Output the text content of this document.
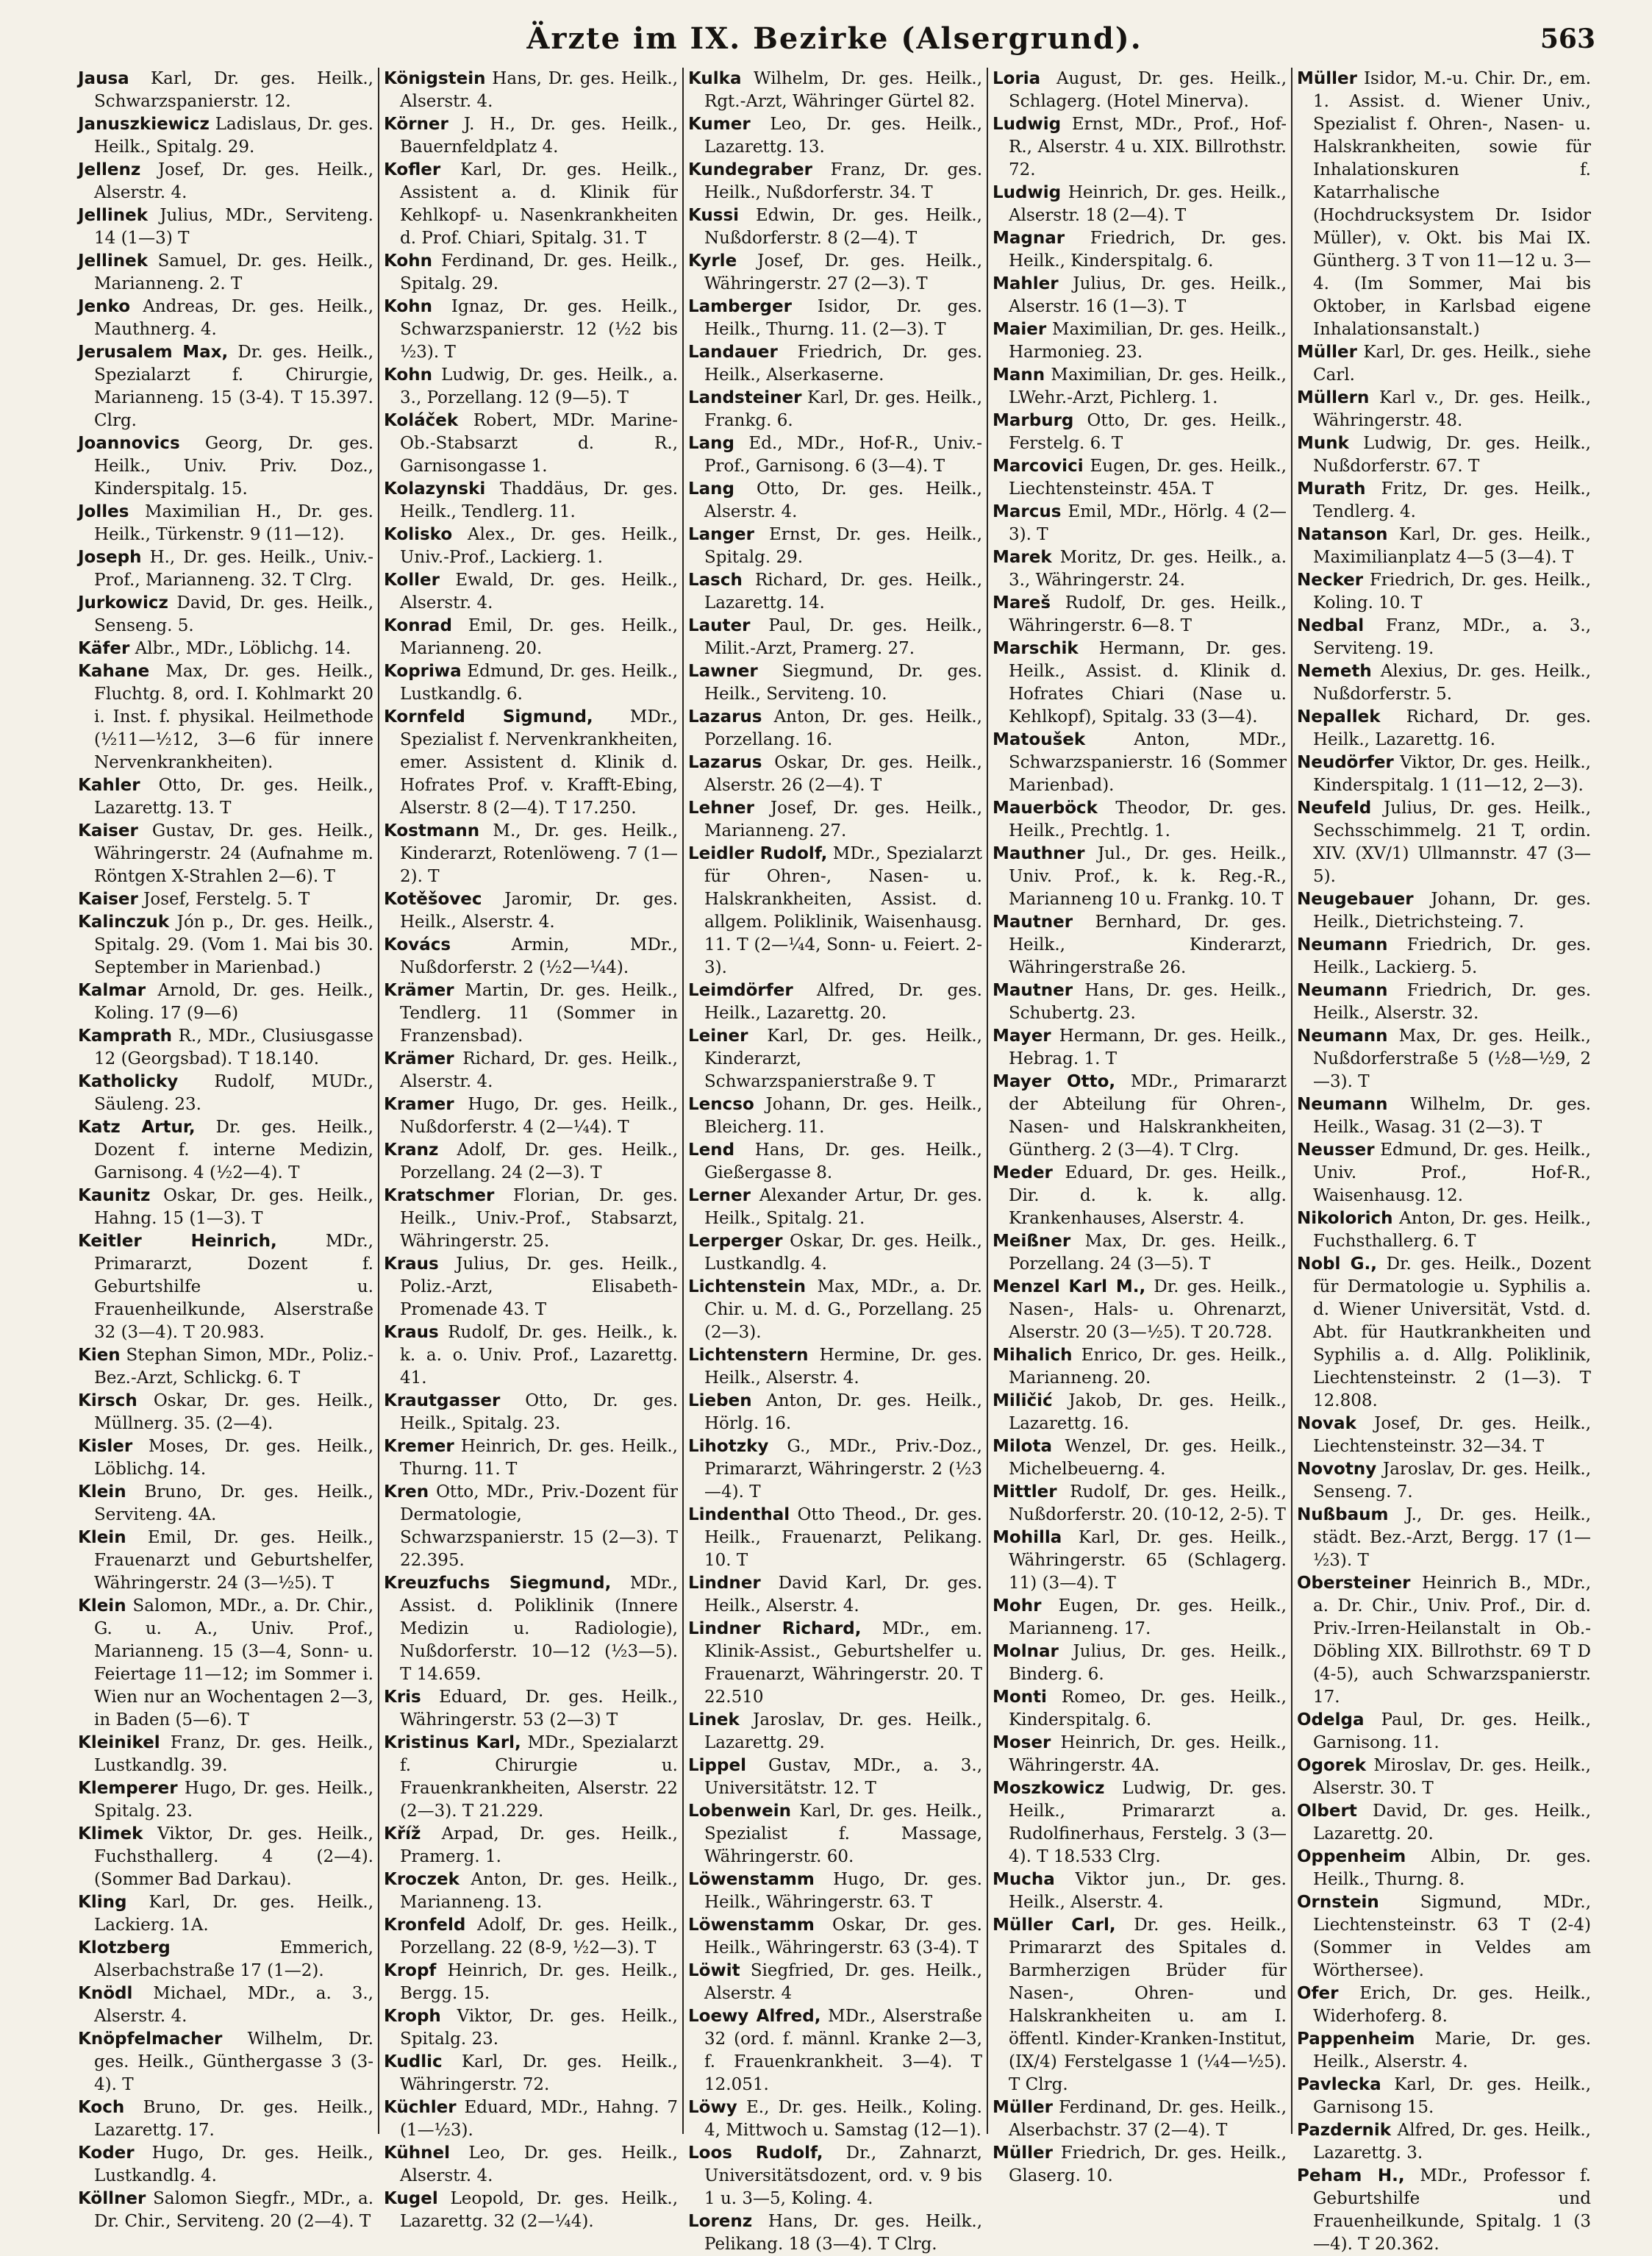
Ärzte im IX. Bezirke (Alsergrund).	563
Jausa Karl, Dr. ges. Heilk., Schwarzspanierstr. 12.
Januszkiewicz Ladislaus, Dr. ges. Heilk., Spitalg. 29.
Jellenz Josef, Dr. ges. Heilk., Alserstr. 4.
Jellinek Julius, MDr., Serviteng. 14 (1—3) T
Jellinek Samuel, Dr. ges. Heilk., Marianneng. 2. T
Jenko Andreas, Dr. ges. Heilk., Mauthnerg. 4.
Jerusalem Max, Dr. ges. Heilk., Spezialarzt f. Chirurgie, Marianneng. 15 (3-4). T 15.397. Clrg.
Joannovics Georg, Dr. ges. Heilk., Univ. Priv. Doz., Kinderspitalg. 15.
Jolles Maximilian H., Dr. ges. Heilk., Türkenstr. 9 (11—12).
Joseph H., Dr. ges. Heilk., Univ.-Prof., Marianneng. 32. T Clrg.
Jurkowicz David, Dr. ges. Heilk., Senseng. 5.
Käfer Albr., MDr., Löblichg. 14.
Kahane Max, Dr. ges. Heilk., Fluchtg. 8, ord. I. Kohlmarkt 20 i. Inst. f. physikal. Heilmethode (½11—½12, 3—6 für innere Nervenkrankheiten).
Kahler Otto, Dr. ges. Heilk., Lazarettg. 13. T
Kaiser Gustav, Dr. ges. Heilk., Währingerstr. 24 (Aufnahme m. Röntgen X-Strahlen 2—6). T
Kaiser Josef, Ferstelg. 5. T
Kalinczuk Jón p., Dr. ges. Heilk., Spitalg. 29. (Vom 1. Mai bis 30. September in Marienbad.)
Kalmar Arnold, Dr. ges. Heilk., Koling. 17 (9—6)
Kamprath R., MDr., Clusiusgasse 12 (Georgsbad). T 18.140.
Katholicky Rudolf, MUDr., Säuleng. 23.
Katz Artur, Dr. ges. Heilk., Dozent f. interne Medizin, Garnisong. 4 (½2—4). T
Kaunitz Oskar, Dr. ges. Heilk., Hahng. 15 (1—3). T
Keitler Heinrich,	MDr., Primararzt, Dozent f. Geburtshilfe u. Frauenheilkunde, Alserstraße 32 (3—4). T 20.983.
Kien Stephan Simon, MDr., Poliz.-Bez.-Arzt, Schlickg. 6. T
Kirsch Oskar, Dr. ges. Heilk., Müllnerg. 35. (2—4).
Kisler Moses, Dr. ges. Heilk., Löblichg. 14.
Klein Bruno, Dr. ges. Heilk., Serviteng. 4A.
Klein Emil, Dr. ges. Heilk., Frauenarzt und Geburtshelfer, Währingerstr. 24 (3—½5). T
Klein Salomon, MDr., a. Dr. Chir., G. u. A., Univ. Prof., Marianneng. 15 (3—4, Sonn- u. Feiertage 11—12; im Sommer i. Wien nur an Wochentagen 2—3, in Baden (5—6). T
Kleinikel Franz, Dr. ges. Heilk., Lustkandlg. 39.
Klemperer Hugo, Dr. ges. Heilk., Spitalg. 23.
Klimek Viktor, Dr. ges. Heilk., Fuchsthallerg. 4 (2—4). (Sommer Bad Darkau).
Kling Karl, Dr. ges. Heilk., Lackierg. 1A.
Klotzberg	Emmerich, Alserbachstraße 17 (1—2).
Knödl Michael, MDr., a. 3., Alserstr. 4.
Knöpfelmacher Wilhelm, Dr. ges. Heilk., Günthergasse 3 (3-4). T
Koch Bruno, Dr. ges. Heilk., Lazarettg. 17.
Koder Hugo, Dr. ges. Heilk., Lustkandlg. 4.
Köllner Salomon Siegfr., MDr., a. Dr. Chir., Serviteng. 20 (2—4). T
Königstein Hans, Dr. ges. Heilk., Alserstr. 4.
Körner J. H., Dr. ges. Heilk., Bauernfeldplatz 4.
Kofler Karl, Dr. ges. Heilk., Assistent a. d. Klinik für Kehlkopf- u. Nasenkrankheiten d. Prof. Chiari, Spitalg. 31. T
Kohn Ferdinand, Dr. ges. Heilk., Spitalg. 29.
Kohn Ignaz, Dr. ges. Heilk., Schwarzspanierstr. 12 (½2 bis ½3). T
Kohn Ludwig, Dr. ges. Heilk., a. 3., Porzellang. 12 (9—5). T
Koláček Robert, MDr. Marine-Ob.-Stabsarzt d. R., Garnisongasse 1.
Kolazynski Thaddäus, Dr. ges. Heilk., Tendlerg. 11.
Kolisko Alex., Dr. ges. Heilk., Univ.-Prof., Lackierg. 1.
Koller Ewald, Dr. ges. Heilk., Alserstr. 4.
Konrad Emil, Dr. ges. Heilk., Marianneng. 20.
Kopriwa Edmund, Dr. ges. Heilk., Lustkandlg. 6.
Kornfeld Sigmund, MDr., Spezialist f. Nervenkrankheiten, emer. Assistent d. Klinik d. Hofrates Prof. v. Krafft-Ebing, Alserstr. 8 (2—4). T 17.250.
Kostmann M., Dr. ges. Heilk., Kinderarzt, Rotenlöweng. 7 (1—2). T
Kotěšovec Jaromir, Dr. ges. Heilk., Alserstr. 4.
Kovács	Armin, MDr., Nußdorferstr. 2 (½2—¼4).
Krämer Martin, Dr. ges. Heilk., Tendlerg. 11 (Sommer in Franzensbad).
Krämer Richard, Dr. ges. Heilk., Alserstr. 4.
Kramer Hugo, Dr. ges. Heilk., Nußdorferstr. 4 (2—¼4). T
Kranz Adolf, Dr. ges. Heilk., Porzellang. 24 (2—3). T
Kratschmer Florian, Dr. ges. Heilk., Univ.-Prof., Stabsarzt, Währingerstr. 25.
Kraus Julius, Dr. ges. Heilk., Poliz.-Arzt, Elisabeth-Promenade 43. T
Kraus Rudolf, Dr. ges. Heilk., k. k. a. o. Univ. Prof., Lazarettg. 41.
Krautgasser Otto, Dr. ges. Heilk., Spitalg. 23.
Kremer Heinrich, Dr. ges. Heilk., Thurng. 11. T
Kren Otto, MDr., Priv.-Dozent für Dermatologie, Schwarzspanierstr. 15 (2—3). T 22.395.
Kreuzfuchs Siegmund, MDr., Assist. d. Poliklinik (Innere Medizin u. Radiologie), Nußdorferstr. 10—12 (½3—5). T 14.659.
Kris Eduard, Dr. ges. Heilk., Währingerstr. 53 (2—3) T
Kristinus Karl, MDr., Spezialarzt f. Chirurgie u. Frauenkrankheiten, Alserstr. 22 (2—3). T 21.229.
Kříž Arpad, Dr. ges. Heilk., Pramerg. 1.
Kroczek Anton, Dr. ges. Heilk., Marianneng. 13.
Kronfeld Adolf, Dr. ges. Heilk., Porzellang. 22 (8-9, ½2—3). T
Kropf Heinrich, Dr. ges. Heilk., Bergg. 15.
Kroph Viktor, Dr. ges. Heilk., Spitalg. 23.
Kudlic Karl, Dr. ges. Heilk., Währingerstr. 72.
Küchler Eduard, MDr., Hahng. 7 (1—½3).
Kühnel Leo, Dr. ges. Heilk., Alserstr. 4.
Kugel Leopold, Dr. ges. Heilk., Lazarettg. 32 (2—¼4).
Kulka Wilhelm, Dr. ges. Heilk., Rgt.-Arzt, Währinger Gürtel 82.
Kumer Leo, Dr. ges. Heilk., Lazarettg. 13.
Kundegraber Franz, Dr. ges. Heilk., Nußdorferstr. 34. T
Kussi Edwin, Dr. ges. Heilk., Nußdorferstr. 8 (2—4). T
Kyrle Josef, Dr. ges. Heilk., Währingerstr. 27 (2—3). T
Lamberger Isidor, Dr. ges. Heilk., Thurng. 11. (2—3). T
Landauer Friedrich, Dr. ges. Heilk., Alserkaserne.
Landsteiner Karl, Dr. ges. Heilk., Frankg. 6.
Lang Ed., MDr., Hof-R., Univ.-Prof., Garnisong. 6 (3—4). T
Lang Otto, Dr. ges. Heilk., Alserstr. 4.
Langer Ernst, Dr. ges. Heilk., Spitalg. 29.
Lasch Richard, Dr. ges. Heilk., Lazarettg. 14.
Lauter Paul, Dr. ges. Heilk., Milit.-Arzt, Pramerg. 27.
Lawner Siegmund, Dr. ges. Heilk., Serviteng. 10.
Lazarus Anton, Dr. ges. Heilk., Porzellang. 16.
Lazarus Oskar, Dr. ges. Heilk., Alserstr. 26 (2—4). T
Lehner Josef, Dr. ges. Heilk., Marianneng. 27.
Leidler Rudolf, MDr., Spezialarzt für Ohren-, Nasen- u. Halskrankheiten, Assist. d. allgem. Poliklinik, Waisenhausg. 11. T (2—¼4, Sonn- u. Feiert. 2-3).
Leimdörfer Alfred, Dr. ges. Heilk., Lazarettg. 20.
Leiner Karl, Dr. ges. Heilk., Kinderarzt, Schwarzspanierstraße 9. T
Lencso Johann, Dr. ges. Heilk., Bleicherg. 11.
Lend Hans, Dr. ges. Heilk., Gießergasse 8.
Lerner Alexander Artur, Dr. ges. Heilk., Spitalg. 21.
Lerperger Oskar, Dr. ges. Heilk., Lustkandlg. 4.
Lichtenstein Max, MDr., a. Dr. Chir. u. M. d. G., Porzellang. 25 (2—3).
Lichtenstern Hermine, Dr. ges. Heilk., Alserstr. 4.
Lieben Anton, Dr. ges. Heilk., Hörlg. 16.
Lihotzky G., MDr., Priv.-Doz., Primararzt, Währingerstr. 2 (½3—4). T
Lindenthal Otto Theod., Dr. ges. Heilk., Frauenarzt, Pelikang. 10. T
Lindner David Karl, Dr. ges. Heilk., Alserstr. 4.
Lindner Richard, MDr., em. Klinik-Assist., Geburtshelfer u. Frauenarzt, Währingerstr. 20. T 22.510
Linek Jaroslav, Dr. ges. Heilk., Lazarettg. 29.
Lippel Gustav, MDr., a. 3., Universitätstr. 12. T
Lobenwein Karl, Dr. ges. Heilk., Spezialist f. Massage, Währingerstr. 60.
Löwenstamm Hugo, Dr. ges. Heilk., Währingerstr. 63. T
Löwenstamm Oskar, Dr. ges. Heilk., Währingerstr. 63 (3-4). T
Löwit Siegfried, Dr. ges. Heilk., Alserstr. 4
Loewy Alfred, MDr., Alserstraße 32 (ord. f. männl. Kranke 2—3, f. Frauenkrankheit. 3—4). T 12.051.
Löwy E., Dr. ges. Heilk., Koling. 4, Mittwoch u. Samstag (12—1).
Loos Rudolf, Dr., Zahnarzt, Universitätsdozent, ord. v. 9 bis 1 u. 3—5, Koling. 4.
Lorenz Hans, Dr. ges. Heilk., Pelikang. 18 (3—4). T Clrg.
Loria August, Dr. ges. Heilk., Schlagerg. (Hotel Minerva).
Ludwig Ernst, MDr., Prof., Hof-R., Alserstr. 4 u. XIX. Billrothstr. 72.
Ludwig Heinrich, Dr. ges. Heilk., Alserstr. 18 (2—4). T
Magnar Friedrich, Dr. ges. Heilk., Kinderspitalg. 6.
Mahler Julius, Dr. ges. Heilk., Alserstr. 16 (1—3). T
Maier Maximilian, Dr. ges. Heilk., Harmonieg. 23.
Mann Maximilian, Dr. ges. Heilk., LWehr.-Arzt, Pichlerg. 1.
Marburg Otto, Dr. ges. Heilk., Ferstelg. 6. T
Marcovici Eugen, Dr. ges. Heilk., Liechtensteinstr. 45A. T
Marcus Emil, MDr., Hörlg. 4 (2—3). T
Marek Moritz, Dr. ges. Heilk., a. 3., Währingerstr. 24.
Mareš Rudolf, Dr. ges. Heilk., Währingerstr. 6—8. T
Marschik Hermann, Dr. ges. Heilk., Assist. d. Klinik d. Hofrates Chiari (Nase u. Kehlkopf), Spitalg. 33 (3—4).
Matoušek	Anton, MDr., Schwarzspanierstr. 16 (Sommer Marienbad).
Mauerböck Theodor, Dr. ges. Heilk., Prechtlg. 1.
Mauthner Jul., Dr. ges. Heilk., Univ. Prof., k. k. Reg.-R., Marianneng 10 u. Frankg. 10. T
Mautner Bernhard, Dr. ges. Heilk., Kinderarzt, Währingerstraße 26.
Mautner Hans, Dr. ges. Heilk., Schubertg. 23.
Mayer Hermann, Dr. ges. Heilk., Hebrag. 1. T
Mayer Otto, MDr., Primararzt der Abteilung für Ohren-, Nasen- und Halskrankheiten, Güntherg. 2 (3—4). T Clrg.
Meder Eduard, Dr. ges. Heilk., Dir. d. k. k. allg. Krankenhauses, Alserstr. 4.
Meißner Max, Dr. ges. Heilk., Porzellang. 24 (3—5). T
Menzel Karl M., Dr. ges. Heilk., Nasen-, Hals- u. Ohrenarzt, Alserstr. 20 (3—½5). T 20.728.
Mihalich Enrico, Dr. ges. Heilk., Marianneng. 20.
Miličić Jakob, Dr. ges. Heilk., Lazarettg. 16.
Milota Wenzel, Dr. ges. Heilk., Michelbeuerng. 4.
Mittler Rudolf, Dr. ges. Heilk., Nußdorferstr. 20. (10-12, 2-5). T
Mohilla Karl, Dr. ges. Heilk., Währingerstr. 65 (Schlagerg. 11) (3—4). T
Mohr Eugen, Dr. ges. Heilk., Marianneng. 17.
Molnar Julius, Dr. ges. Heilk., Binderg. 6.
Monti Romeo, Dr. ges. Heilk., Kinderspitalg. 6.
Moser Heinrich, Dr. ges. Heilk., Währingerstr. 4A.
Moszkowicz Ludwig, Dr. ges. Heilk., Primararzt a. Rudolfinerhaus, Ferstelg. 3 (3—4). T 18.533 Clrg.
Mucha Viktor jun., Dr. ges. Heilk., Alserstr. 4.
Müller Carl, Dr. ges. Heilk., Primararzt des Spitales d. Barmherzigen Brüder für Nasen-, Ohren- und Halskrankheiten u. am I. öffentl. Kinder-Kranken-Institut, (IX/4) Ferstelgasse 1 (¼4—½5). T Clrg.
Müller Ferdinand, Dr. ges. Heilk., Alserbachstr. 37 (2—4). T
Müller Friedrich, Dr. ges. Heilk., Glaserg. 10.
Müller Isidor, M.-u. Chir. Dr., em. 1. Assist. d. Wiener Univ., Spezialist f. Ohren-, Nasen- u. Halskrankheiten, sowie für Inhalationskuren f. Katarrhalische (Hochdrucksystem Dr. Isidor Müller), v. Okt. bis Mai IX. Güntherg. 3 T von 11—12 u. 3—4. (Im Sommer, Mai bis Oktober, in Karlsbad eigene Inhalationsanstalt.)
Müller Karl, Dr. ges. Heilk., siehe Carl.
Müllern Karl v., Dr. ges. Heilk., Währingerstr. 48.
Munk Ludwig, Dr. ges. Heilk., Nußdorferstr. 67. T
Murath Fritz, Dr. ges. Heilk., Tendlerg. 4.
Natanson Karl, Dr. ges. Heilk., Maximilianplatz 4—5 (3—4). T
Necker Friedrich, Dr. ges. Heilk., Koling. 10. T
Nedbal Franz, MDr., a. 3., Serviteng. 19.
Nemeth Alexius, Dr. ges. Heilk., Nußdorferstr. 5.
Nepallek Richard, Dr. ges. Heilk., Lazarettg. 16.
Neudörfer Viktor, Dr. ges. Heilk., Kinderspitalg. 1 (11—12, 2—3).
Neufeld Julius, Dr. ges. Heilk., Sechsschimmelg. 21 T, ordin. XIV. (XV/1) Ullmannstr. 47 (3—5).
Neugebauer Johann, Dr. ges. Heilk., Dietrichsteing. 7.
Neumann Friedrich, Dr. ges. Heilk., Lackierg. 5.
Neumann Friedrich, Dr. ges. Heilk., Alserstr. 32.
Neumann Max, Dr. ges. Heilk., Nußdorferstraße 5 (½8—½9, 2—3). T
Neumann Wilhelm, Dr. ges. Heilk., Wasag. 31 (2—3). T
Neusser Edmund, Dr. ges. Heilk., Univ. Prof., Hof-R., Waisenhausg. 12.
Nikolorich Anton, Dr. ges. Heilk., Fuchsthallerg. 6. T
Nobl G., Dr. ges. Heilk., Dozent für Dermatologie u. Syphilis a. d. Wiener Universität, Vstd. d. Abt. für Hautkrankheiten und Syphilis a. d. Allg. Poliklinik, Liechtensteinstr. 2 (1—3). T 12.808.
Novak Josef, Dr. ges. Heilk., Liechtensteinstr. 32—34. T
Novotny Jaroslav, Dr. ges. Heilk., Senseng. 7.
Nußbaum J., Dr. ges. Heilk., städt. Bez.-Arzt, Bergg. 17 (1—½3). T
Obersteiner Heinrich B., MDr., a. Dr. Chir., Univ. Prof., Dir. d. Priv.-Irren-Heilanstalt in Ob.-Döbling XIX. Billrothstr. 69 T D (4-5), auch Schwarzspanierstr. 17.
Odelga Paul, Dr. ges. Heilk., Garnisong. 11.
Ogorek Miroslav, Dr. ges. Heilk., Alserstr. 30. T
Olbert David, Dr. ges. Heilk., Lazarettg. 20.
Oppenheim Albin, Dr. ges. Heilk., Thurng. 8.
Ornstein Sigmund, MDr., Liechtensteinstr. 63 T (2-4) (Sommer in Veldes am Wörthersee).
Ofer Erich, Dr. ges. Heilk., Widerhoferg. 8.
Pappenheim Marie, Dr. ges. Heilk., Alserstr. 4.
Pavlecka Karl, Dr. ges. Heilk., Garnisong 15.
Pazdernik Alfred, Dr. ges. Heilk., Lazarettg. 3.
Peham H., MDr., Professor f. Geburtshilfe und Frauenheilkunde, Spitalg. 1 (3—4). T 20.362.
